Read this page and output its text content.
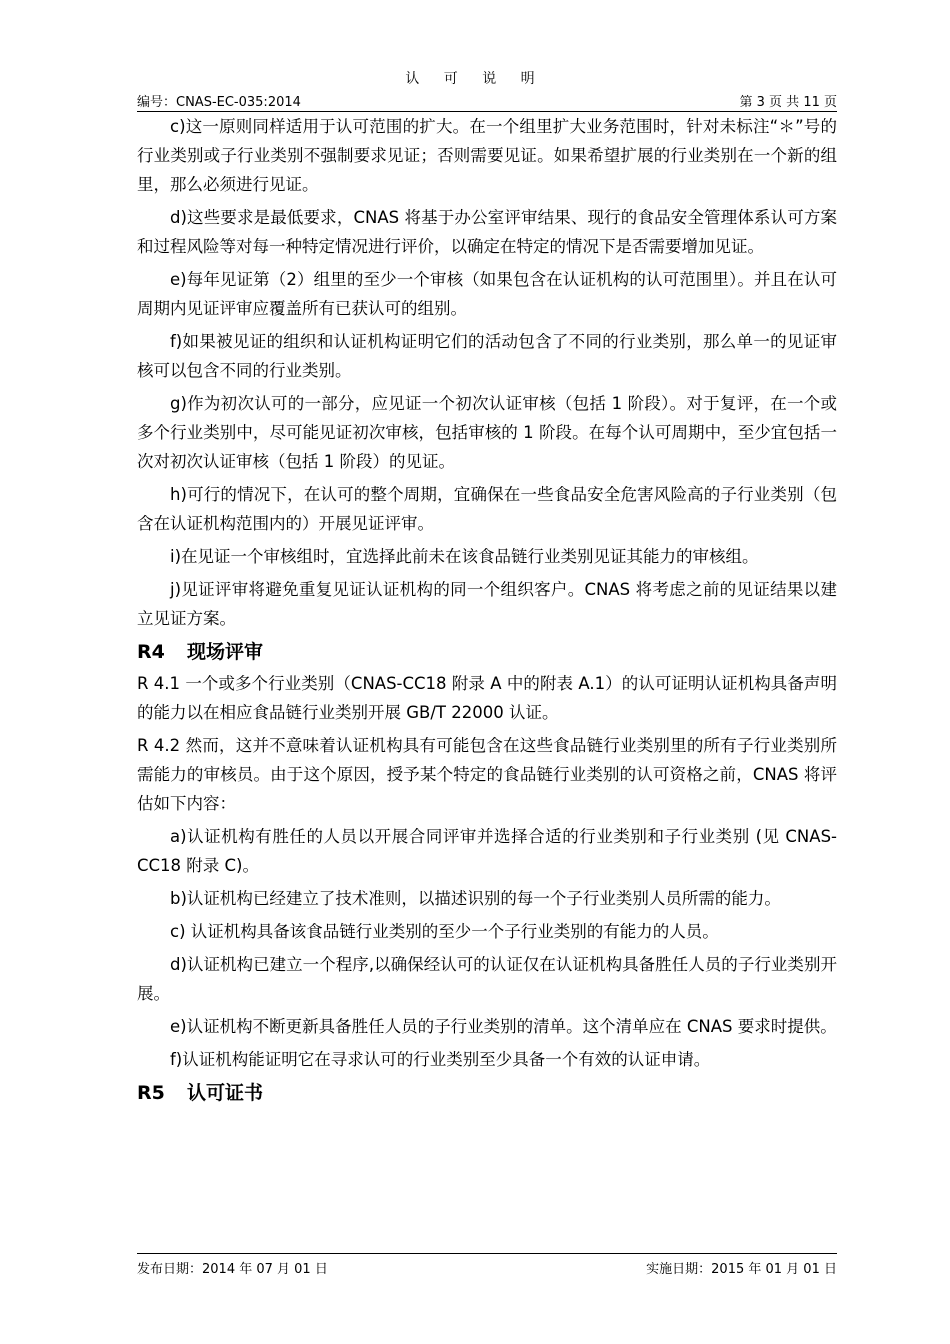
认 可 说 明
编号：CNAS-EC-035:2014	第 3 页 共 11 页

c)这一原则同样适用于认可范围的扩大。在一个组里扩大业务范围时，针对未标注“＊”号的行业类别或子行业类别不强制要求见证；否则需要见证。如果希望扩展的行业类别在一个新的组里，那么必须进行见证。

d)这些要求是最低要求，CNAS 将基于办公室评审结果、现行的食品安全管理体系认可方案和过程风险等对每一种特定情况进行评价，以确定在特定的情况下是否需要增加见证。

e)每年见证第（2）组里的至少一个审核（如果包含在认证机构的认可范围里）。并且在认可周期内见证评审应覆盖所有已获认可的组别。

f)如果被见证的组织和认证机构证明它们的活动包含了不同的行业类别，那么单一的见证审核可以包含不同的行业类别。

g)作为初次认可的一部分，应见证一个初次认证审核（包括 1 阶段）。对于复评，在一个或多个行业类别中，尽可能见证初次审核，包括审核的 1 阶段。在每个认可周期中，至少宜包括一次对初次认证审核（包括 1 阶段）的见证。

h)可行的情况下，在认可的整个周期，宜确保在一些食品安全危害风险高的子行业类别（包含在认证机构范围内的）开展见证评审。

i)在见证一个审核组时，宜选择此前未在该食品链行业类别见证其能力的审核组。

j)见证评审将避免重复见证认证机构的同一个组织客户。CNAS 将考虑之前的见证结果以建立见证方案。

R4 现场评审

R 4.1 一个或多个行业类别（CNAS-CC18 附录 A 中的附表 A.1）的认可证明认证机构具备声明的能力以在相应食品链行业类别开展 GB/T 22000 认证。

R 4.2 然而，这并不意味着认证机构具有可能包含在这些食品链行业类别里的所有子行业类别所需能力的审核员。由于这个原因，授予某个特定的食品链行业类别的认可资格之前，CNAS 将评估如下内容：

a)认证机构有胜任的人员以开展合同评审并选择合适的行业类别和子行业类别 (见 CNAS-CC18 附录 C)。

b)认证机构已经建立了技术准则，以描述识别的每一个子行业类别人员所需的能力。

c) 认证机构具备该食品链行业类别的至少一个子行业类别的有能力的人员。

d)认证机构已建立一个程序,以确保经认可的认证仅在认证机构具备胜任人员的子行业类别开展。

e)认证机构不断更新具备胜任人员的子行业类别的清单。这个清单应在 CNAS 要求时提供。

f)认证机构能证明它在寻求认可的行业类别至少具备一个有效的认证申请。

R5 认可证书
发布日期：2014 年 07 月 01 日	实施日期：2015 年 01 月 01 日
